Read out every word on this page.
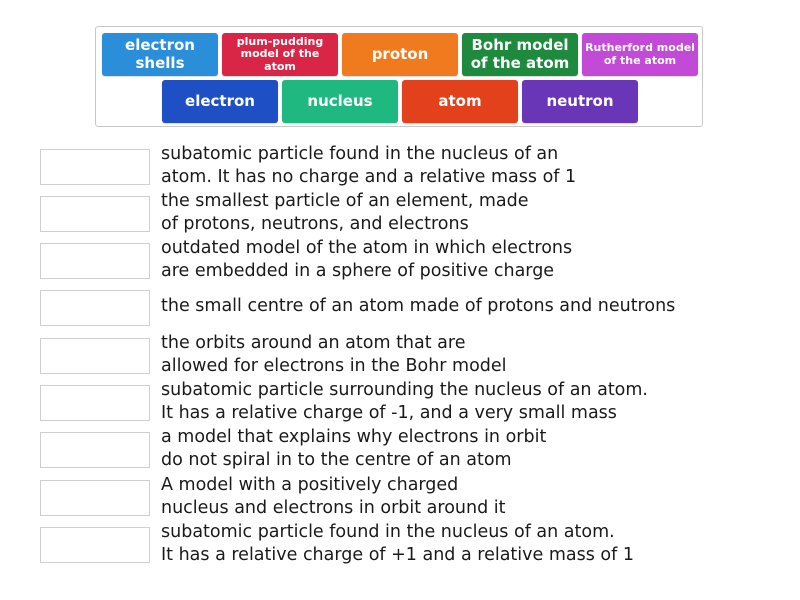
electron
shells
plum-pudding
model of the atom
proton	Bohr model
of the atom
Rutherford model
of the atom
electron	nucleus	atom	neutron
subatomic particle found in the nucleus of an
atom. It has no charge and a relative mass of 1
the smallest particle of an element, made
of protons, neutrons, and electrons
outdated model of the atom in which electrons
are embedded in a sphere of positive charge
the small centre of an atom made of protons and neutrons
the orbits around an atom that are
allowed for electrons in the Bohr model
subatomic particle surrounding the nucleus of an atom.
It has a relative charge of -1, and a very small mass
a model that explains why electrons in orbit
do not spiral in to the centre of an atom
A model with a positively charged
nucleus and electrons in orbit around it
subatomic particle found in the nucleus of an atom.
It has a relative charge of +1 and a relative mass of 1
